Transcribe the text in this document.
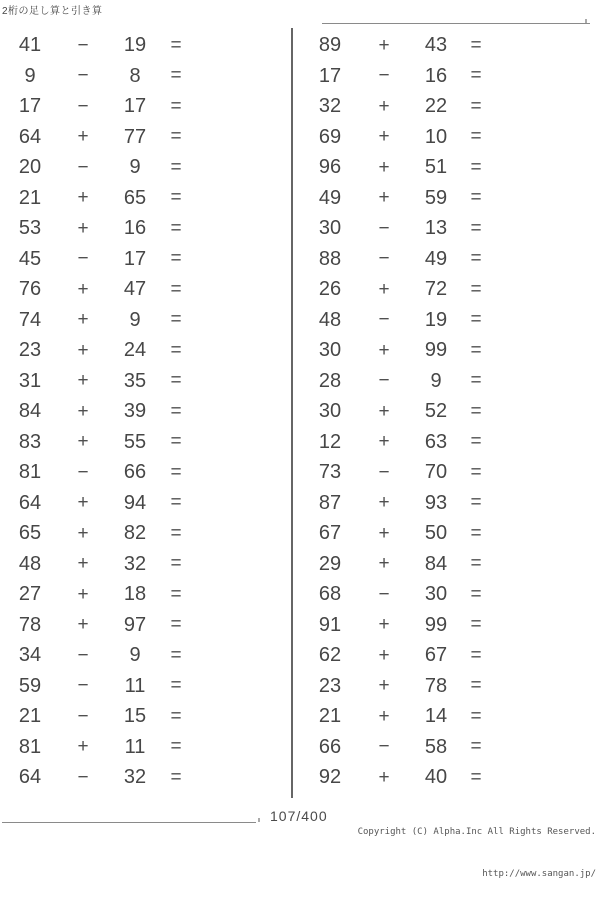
2桁の足し算と引き算
41	−	19	=
9	−	8	=
17	−	17	=
64	+	77	=
20	−	9	=
21	+	65	=
53	+	16	=
45	−	17	=
76	+	47	=
74	+	9	=
23	+	24	=
31	+	35	=
84	+	39	=
83	+	55	=
81	−	66	=
64	+	94	=
65	+	82	=
48	+	32	=
27	+	18	=
78	+	97	=
34	−	9	=
59	−	11	=
21	−	15	=
81	+	11	=
64	−	32	=
89	+	43	=
17	−	16	=
32	+	22	=
69	+	10	=
96	+	51	=
49	+	59	=
30	−	13	=
88	−	49	=
26	+	72	=
48	−	19	=
30	+	99	=
28	−	9	=
30	+	52	=
12	+	63	=
73	−	70	=
87	+	93	=
67	+	50	=
29	+	84	=
68	−	30	=
91	+	99	=
62	+	67	=
23	+	78	=
21	+	14	=
66	−	58	=
92	+	40	=
107/400

Copyright (C) Alpha.Inc All Rights Reserved.

http://www.sangan.jp/
